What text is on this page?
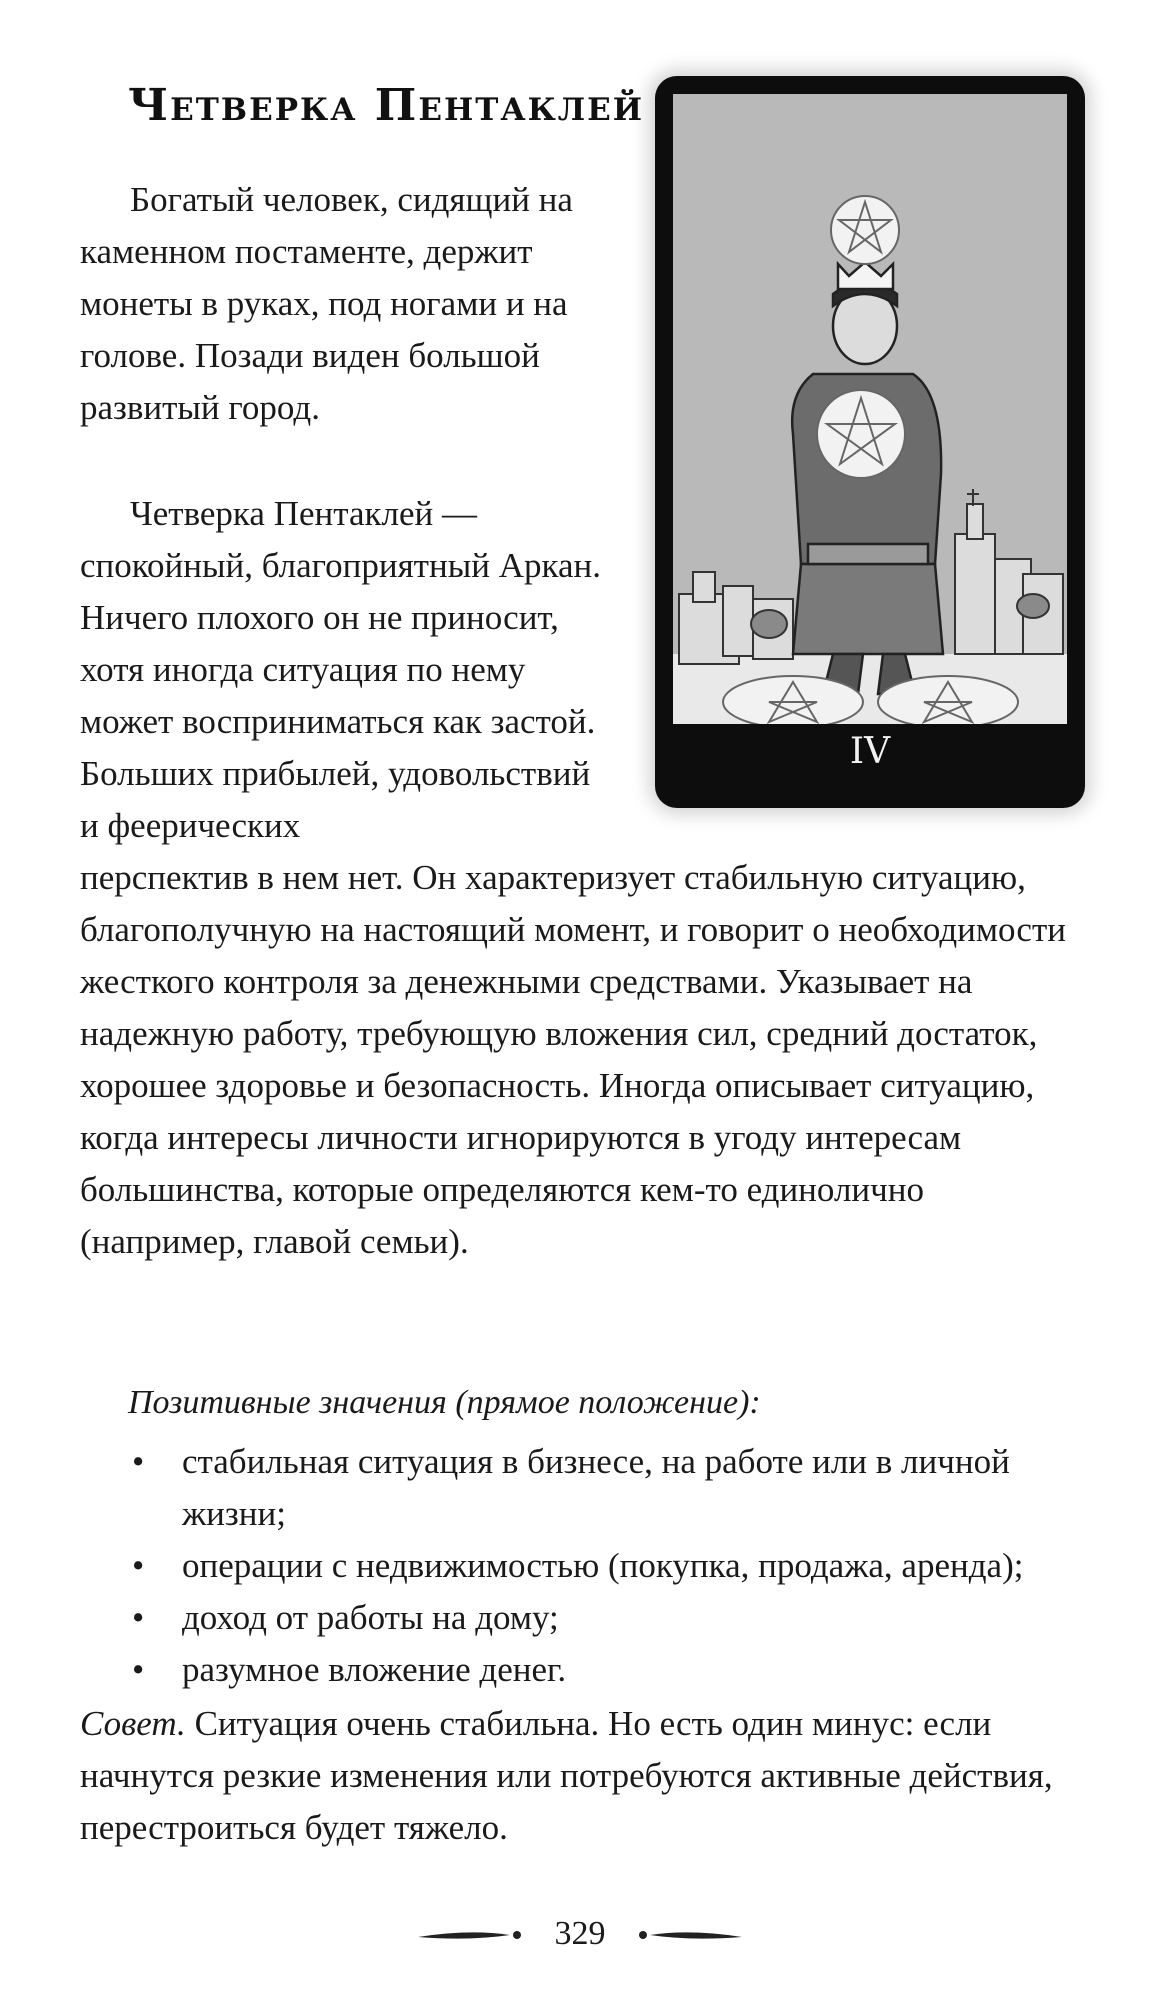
Четверка Пентаклей

Богатый человек, сидящий на каменном постаменте, держит монеты в руках, под ногами и на голове. Позади виден большой развитый город.

Четверка Пентаклей — спокойный, благоприятный Аркан. Ничего плохого он не приносит, хотя иногда ситуация по нему может восприниматься как застой. Больших прибылей, удовольствий и феерических

перспектив в нем нет. Он характеризует стабильную ситуацию, благополучную на настоящий момент, и говорит о необходимости жесткого контроля за денежными средствами. Указывает на надежную работу, требующую вложения сил, средний достаток, хорошее здоровье и безопасность. Иногда описывает ситуацию, когда интересы личности игнорируются в угоду интересам большинства, которые определяются кем-то единолично (например, главой семьи).

IV
Позитивные значения (прямое положение):
• стабильная ситуация в бизнесе, на работе или в личной жизни;
• операции с недвижимостью (покупка, продажа, аренда);
• доход от работы на дому;
• разумное вложение денег.

Совет. Ситуация очень стабильна. Но есть один минус: если начнутся резкие изменения или потребуются активные действия, перестроиться будет тяжело.

329
